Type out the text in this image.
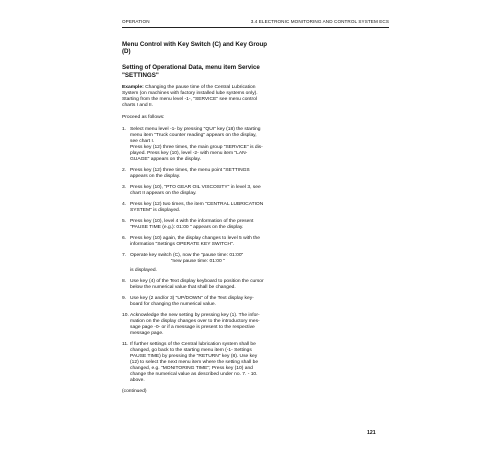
OPERATION	3.4 ELECTRONIC MONITORING AND CONTROL SYSTEM ECS
Menu Control with Key Switch (C) and Key Group
(D)
Setting of Operational Data, menu item Service
"SETTINGS"

Example: Changing the pause time of the Central Lubrication
System (on machines with factory installed lube systems only).
Starting from the menu level -1-, "SERVICE" see menu control
charts I and II.

Proceed as follows:

1. Select menu level -1- by pressing "QUI" key (18) the starting
menu item "Truck counter reading" appears on the display,
see chart I.
Press key (12) three times, the main group "SERVICE" is dis-
played. Press key (10), level -2- with menu item "LAN-
GUAGE" appears on the display.
2. Press key (12) three times, the menu point "SETTINGS
appears on the display.
3. Press key (10), "PTO GEAR OIL VISCOSITY" in level 3, see
chart II appears on the display.
4. Press key (12) two times, the item "CENTRAL LUBRICATION
SYSTEM" is displayed.
5. Press key (10), level 4 with the information of the present
"PAUSE TIME (e.g.): 01:00 " appears on the display.
6. Press key (10) again, the display changes to level 5 with the
information "Settings OPERATE KEY SWITCH".
7. Operate key switch (C), now the "pause time: 01:00"
"new pause time: 01:00 "

is displayed.

8. Use key (4) of the Text display keyboard to position the cursor
below the numerical value that shall be changed.
9. Use key (2 and/or 3) "UP/DOWN" of the Text display key-
board for changing the numerical value.
10. Acknowledge the new setting by pressing key (1). The infor-
mation on the display changes over to the introductory mes-
sage page -0- or if a message is present to the respective
message page.
11. If further settings of the Central lubrication system shall be
changed, go back to the starting menu item (-1- Settings
PAUSE TIME) by pressing the "RETURN" key (8). Use key
(12) to select the next menu item where the setting shall be
changed, e.g. "MONITORING TIME"; Press key (10) and
change the numerical value as described under no. 7. - 10.
above.

(continued)

121
